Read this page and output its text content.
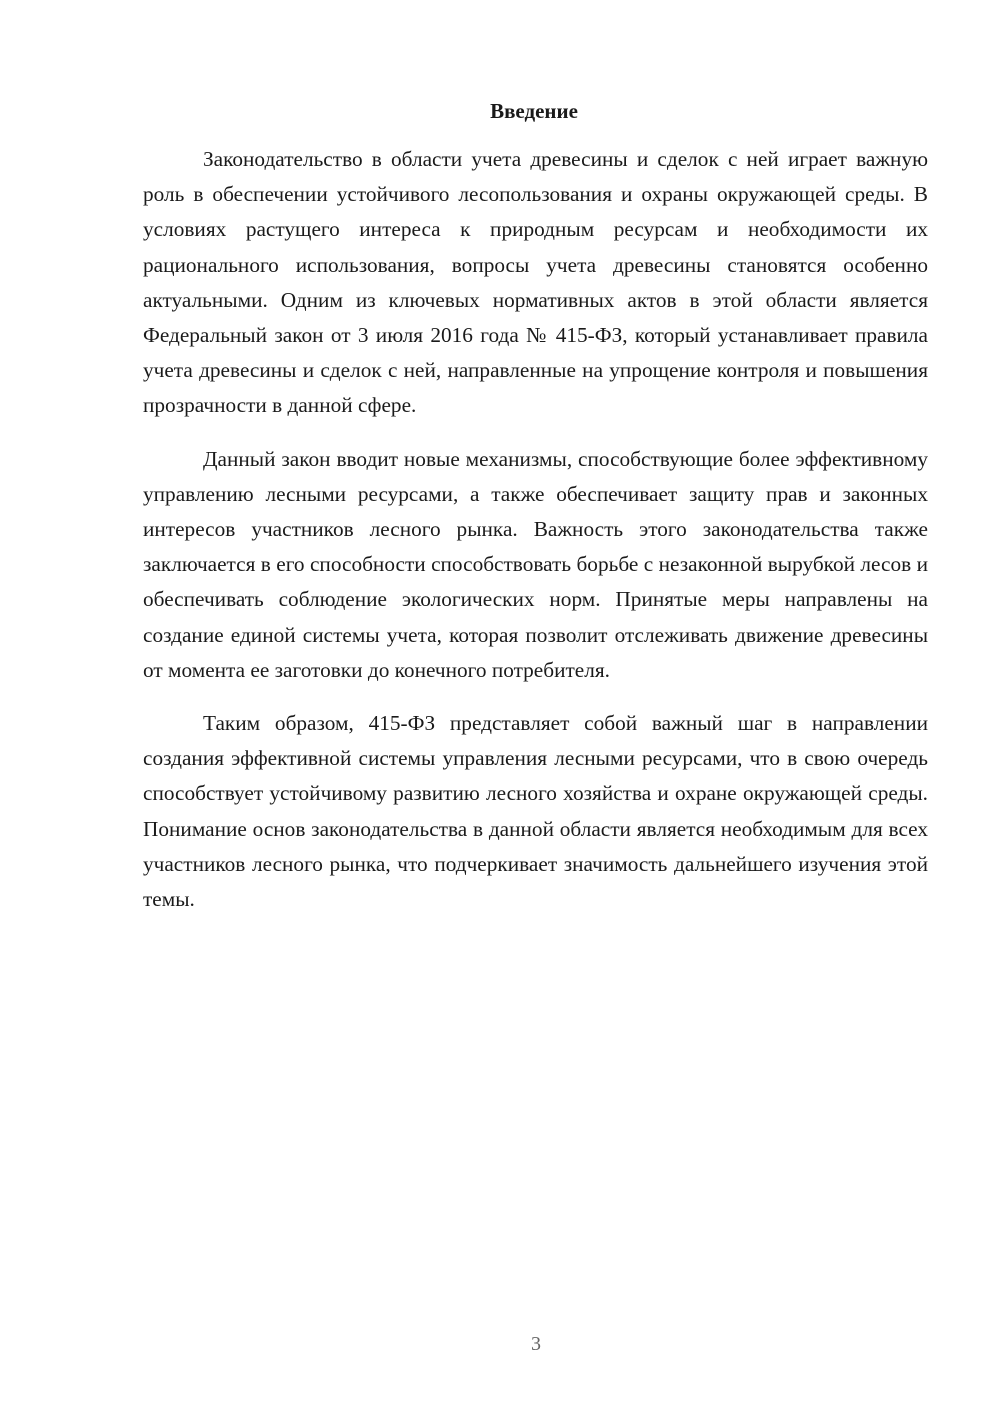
Введение

Законодательство в области учета древесины и сделок с ней играет важную роль в обеспечении устойчивого лесопользования и охраны окружающей среды. В условиях растущего интереса к природным ресурсам и необходимости их рационального использования, вопросы учета древесины становятся особенно актуальными. Одним из ключевых нормативных актов в этой области является Федеральный закон от 3 июля 2016 года № 415-ФЗ, который устанавливает правила учета древесины и сделок с ней, направленные на упрощение контроля и повышения прозрачности в данной сфере.

Данный закон вводит новые механизмы, способствующие более эффективному управлению лесными ресурсами, а также обеспечивает защиту прав и законных интересов участников лесного рынка. Важность этого законодательства также заключается в его способности способствовать борьбе с незаконной вырубкой лесов и обеспечивать соблюдение экологических норм. Принятые меры направлены на создание единой системы учета, которая позволит отслеживать движение древесины от момента ее заготовки до конечного потребителя.

Таким образом, 415-ФЗ представляет собой важный шаг в направлении создания эффективной системы управления лесными ресурсами, что в свою очередь способствует устойчивому развитию лесного хозяйства и охране окружающей среды. Понимание основ законодательства в данной области является необходимым для всех участников лесного рынка, что подчеркивает значимость дальнейшего изучения этой темы.

3
